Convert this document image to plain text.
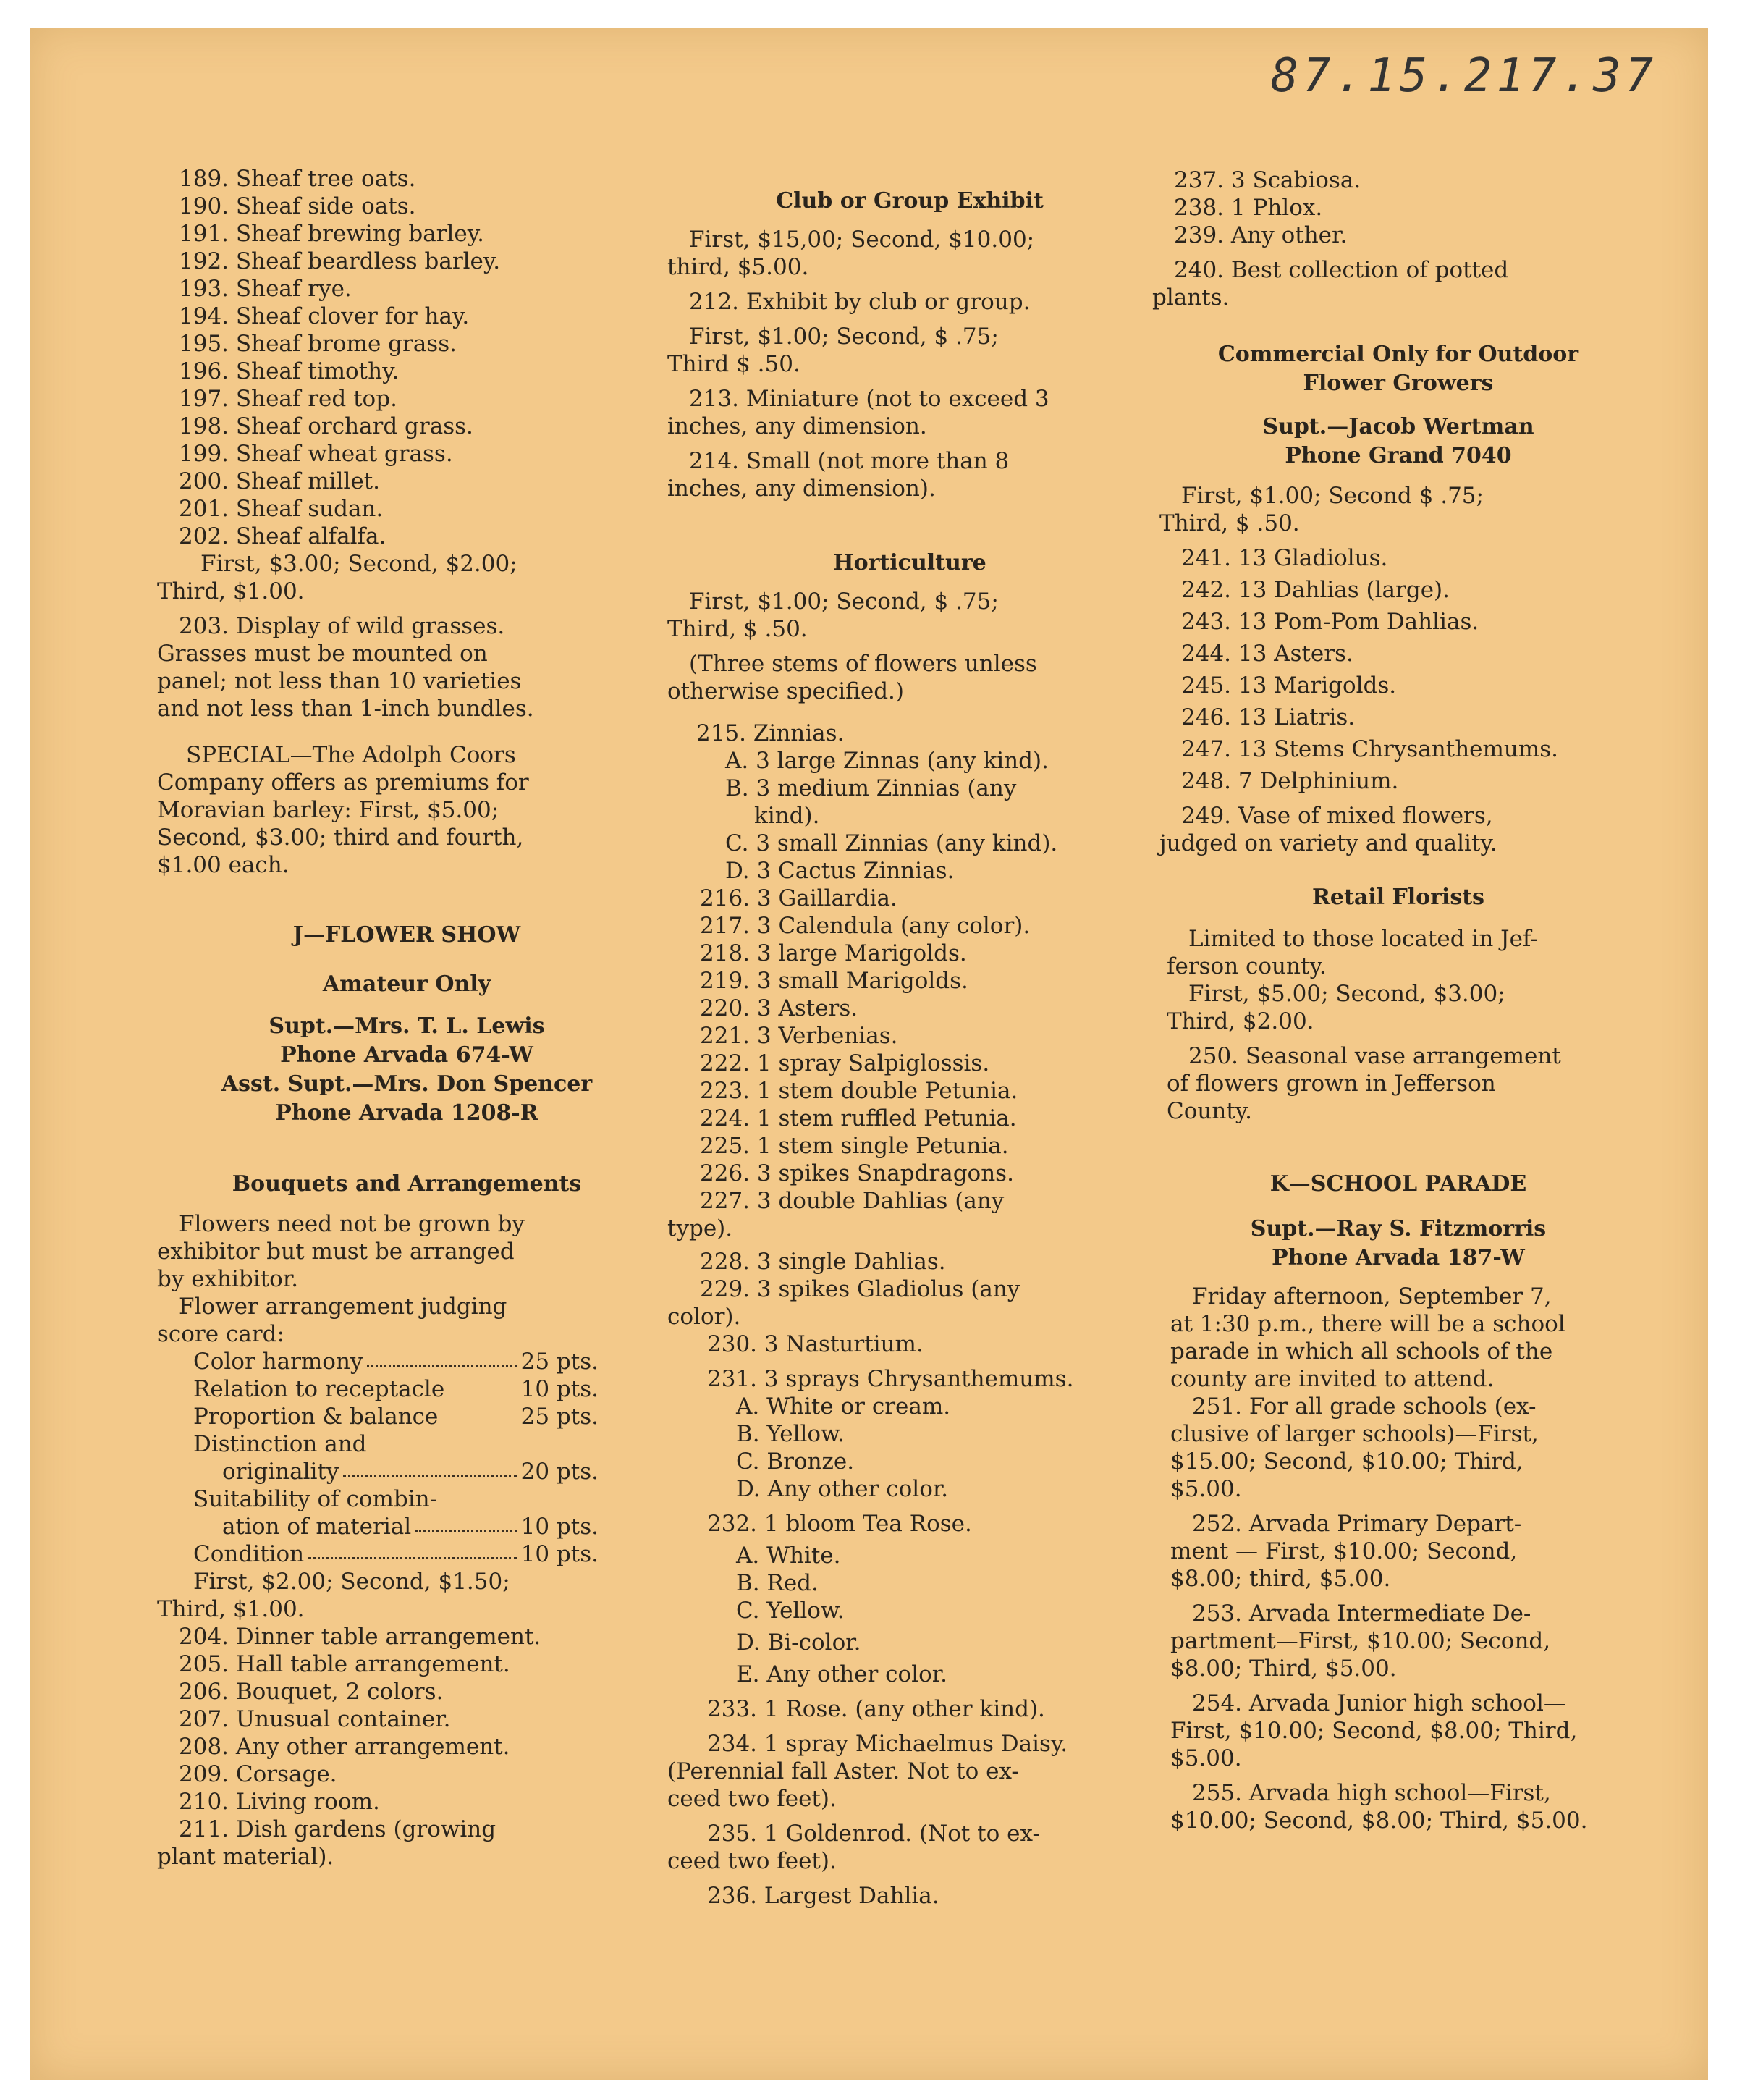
87.15.217.37
189. Sheaf tree oats.
190. Sheaf side oats.
191. Sheaf brewing barley.
192. Sheaf beardless barley.
193. Sheaf rye.
194. Sheaf clover for hay.
195. Sheaf brome grass.
196. Sheaf timothy.
197. Sheaf red top.
198. Sheaf orchard grass.
199. Sheaf wheat grass.
200. Sheaf millet.
201. Sheaf sudan.
202. Sheaf alfalfa.
First, $3.00; Second, $2.00;
Third, $1.00.
203. Display of wild grasses.
Grasses must be mounted on
panel; not less than 10 varieties
and not less than 1-inch bundles.
SPECIAL—The Adolph Coors
Company offers as premiums for
Moravian barley: First, $5.00;
Second, $3.00; third and fourth,
$1.00 each.
J—FLOWER SHOW
Amateur Only
Supt.—Mrs. T. L. Lewis
Phone Arvada 674-W
Asst. Supt.—Mrs. Don Spencer
Phone Arvada 1208-R
Bouquets and Arrangements
Flowers need not be grown by
exhibitor but must be arranged
by exhibitor.
Flower arrangement judging
score card:
Color harmony	25 pts.
Relation to receptacle	10 pts.
Proportion & balance	25 pts.
Distinction and
originality	20 pts.
Suitability of combin-
ation of material	10 pts.
Condition	10 pts.
First, $2.00; Second, $1.50;
Third, $1.00.
204. Dinner table arrangement.
205. Hall table arrangement.
206. Bouquet, 2 colors.
207. Unusual container.
208. Any other arrangement.
209. Corsage.
210. Living room.
211. Dish gardens (growing
plant material).
Club or Group Exhibit
First, $15,00; Second, $10.00;
third, $5.00.
212. Exhibit by club or group.
First, $1.00; Second, $ .75;
Third $ .50.
213. Miniature (not to exceed 3
inches, any dimension.
214. Small (not more than 8
inches, any dimension).
Horticulture
First, $1.00; Second, $ .75;
Third, $ .50.
(Three stems of flowers unless
otherwise specified.)
215. Zinnias.
A. 3 large Zinnas (any kind).
B. 3 medium Zinnias (any
kind).
C. 3 small Zinnias (any kind).
D. 3 Cactus Zinnias.
216. 3 Gaillardia.
217. 3 Calendula (any color).
218. 3 large Marigolds.
219. 3 small Marigolds.
220. 3 Asters.
221. 3 Verbenias.
222. 1 spray Salpiglossis.
223. 1 stem double Petunia.
224. 1 stem ruffled Petunia.
225. 1 stem single Petunia.
226. 3 spikes Snapdragons.
227. 3 double Dahlias (any
type).
228. 3 single Dahlias.
229. 3 spikes Gladiolus (any
color).
230. 3 Nasturtium.
231. 3 sprays Chrysanthemums.
A. White or cream.
B. Yellow.
C. Bronze.
D. Any other color.
232. 1 bloom Tea Rose.
A. White.
B. Red.
C. Yellow.
D. Bi-color.
E. Any other color.
233. 1 Rose. (any other kind).
234. 1 spray Michaelmus Daisy.
(Perennial fall Aster. Not to ex-
ceed two feet).
235. 1 Goldenrod. (Not to ex-
ceed two feet).
236. Largest Dahlia.
237. 3 Scabiosa.
238. 1 Phlox.
239. Any other.
240. Best collection of potted
plants.
Commercial Only for Outdoor
Flower Growers
Supt.—Jacob Wertman
Phone Grand 7040
First, $1.00; Second $ .75;
Third, $ .50.
241. 13 Gladiolus.
242. 13 Dahlias (large).
243. 13 Pom-Pom Dahlias.
244. 13 Asters.
245. 13 Marigolds.
246. 13 Liatris.
247. 13 Stems Chrysanthemums.
248. 7 Delphinium.
249. Vase of mixed flowers,
judged on variety and quality.
Retail Florists
Limited to those located in Jef-
ferson county.
First, $5.00; Second, $3.00;
Third, $2.00.
250. Seasonal vase arrangement
of flowers grown in Jefferson
County.
K—SCHOOL PARADE
Supt.—Ray S. Fitzmorris
Phone Arvada 187-W
Friday afternoon, September 7,
at 1:30 p.m., there will be a school
parade in which all schools of the
county are invited to attend.
251. For all grade schools (ex-
clusive of larger schools)—First,
$15.00; Second, $10.00; Third,
$5.00.
252. Arvada Primary Depart-
ment — First, $10.00; Second,
$8.00; third, $5.00.
253. Arvada Intermediate De-
partment—First, $10.00; Second,
$8.00; Third, $5.00.
254. Arvada Junior high school—
First, $10.00; Second, $8.00; Third,
$5.00.
255. Arvada high school—First,
$10.00; Second, $8.00; Third, $5.00.
